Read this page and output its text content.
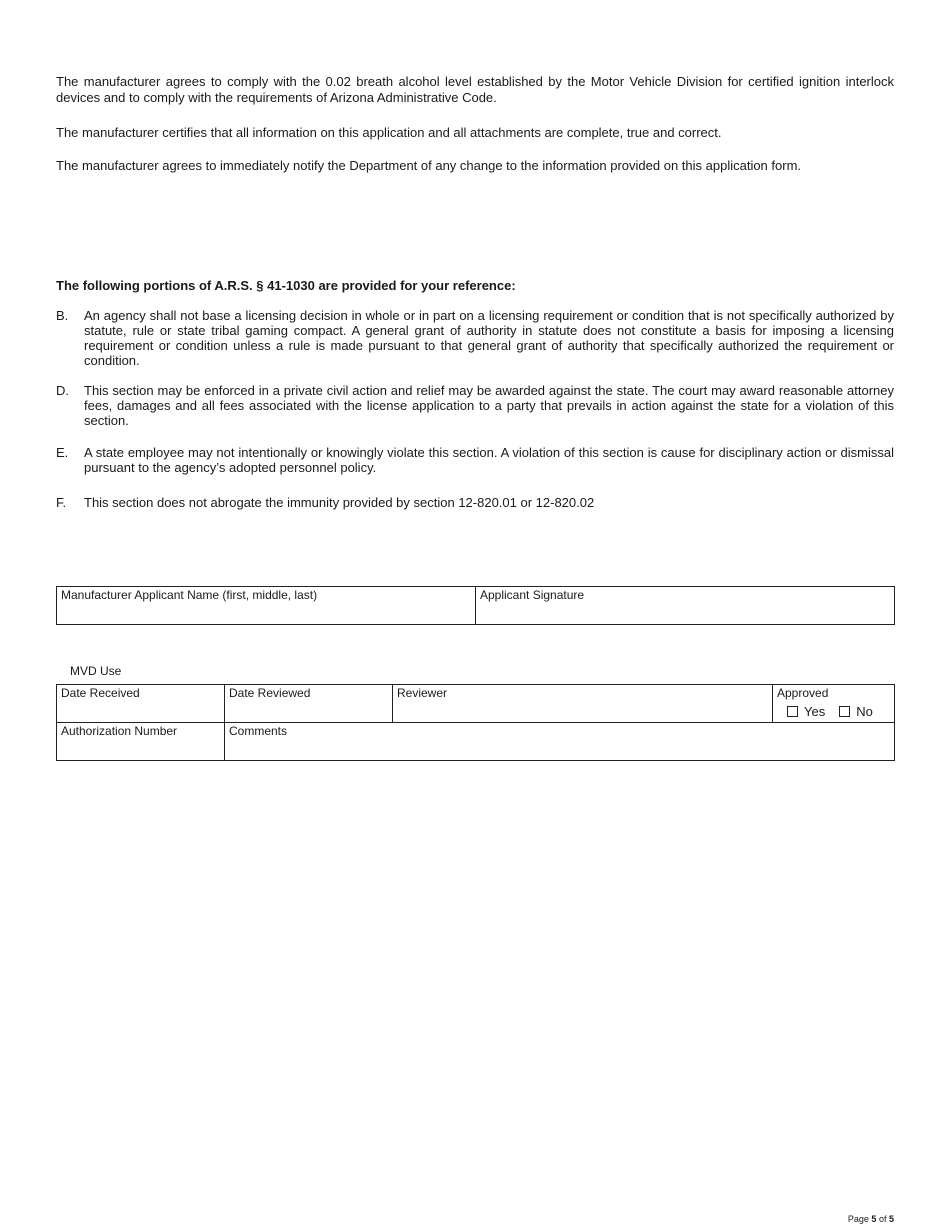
The manufacturer agrees to comply with the 0.02 breath alcohol level established by the Motor Vehicle Division for certified ignition interlock devices and to comply with the requirements of Arizona Administrative Code.

The manufacturer certifies that all information on this application and all attachments are complete, true and correct.

The manufacturer agrees to immediately notify the Department of any change to the information provided on this application form.

The following portions of A.R.S. § 41-1030 are provided for your reference:

B.	An agency shall not base a licensing decision in whole or in part on a licensing requirement or condition that is not specifically authorized by statute, rule or state tribal gaming compact. A general grant of authority in statute does not constitute a basis for imposing a licensing requirement or condition unless a rule is made pursuant to that general grant of authority that specifically authorized the requirement or condition.
D.	This section may be enforced in a private civil action and relief may be awarded against the state. The court may award reasonable attorney fees, damages and all fees associated with the license application to a party that prevails in action against the state for a violation of this section.
E.	A state employee may not intentionally or knowingly violate this section. A violation of this section is cause for disciplinary action or dismissal pursuant to the agency’s adopted personnel policy.
F.	This section does not abrogate the immunity provided by section 12-820.01 or 12-820.02
Manufacturer Applicant Name (first, middle, last)	Applicant Signature
MVD Use
Date Received	Date Reviewed	Reviewer	Approved
Yes No

Authorization Number	Comments		
Page 5 of 5
